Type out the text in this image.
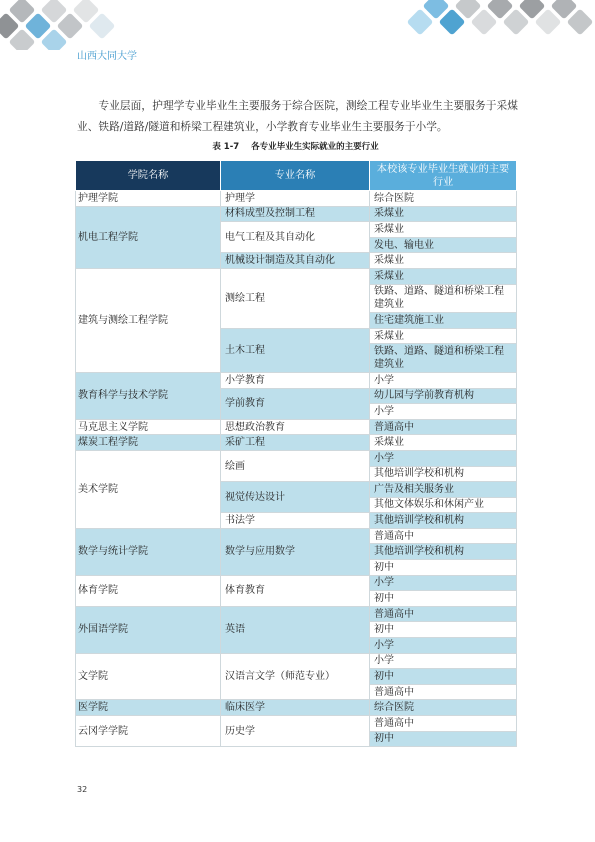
山西大同大学

专业层面，护理学专业毕业生主要服务于综合医院，测绘工程专业毕业生主要服务于采煤业、铁路/道路/隧道和桥梁工程建筑业，小学教育专业毕业生主要服务于小学。

表 1-7 各专业毕业生实际就业的主要行业
学院名称	专业名称	本校该专业毕业生就业的主要行业
护理学院	护理学	综合医院
机电工程学院	材料成型及控制工程	采煤业
	电气工程及其自动化	采煤业
		发电、输电业
	机械设计制造及其自动化	采煤业
建筑与测绘工程学院	测绘工程	采煤业
		铁路、道路、隧道和桥梁工程建筑业
		住宅建筑施工业
	土木工程	采煤业
		铁路、道路、隧道和桥梁工程建筑业
教育科学与技术学院	小学教育	小学
	学前教育	幼儿园与学前教育机构
		小学
马克思主义学院	思想政治教育	普通高中
煤炭工程学院	采矿工程	采煤业
美术学院	绘画	小学
		其他培训学校和机构
	视觉传达设计	广告及相关服务业
		其他文体娱乐和休闲产业
	书法学	其他培训学校和机构
数学与统计学院	数学与应用数学	普通高中
		其他培训学校和机构
		初中
体育学院	体育教育	小学
		初中
外国语学院	英语	普通高中
		初中
		小学
文学院	汉语言文学（师范专业）	小学
		初中
		普通高中
医学院	临床医学	综合医院
云冈学学院	历史学	普通高中
		初中
32
